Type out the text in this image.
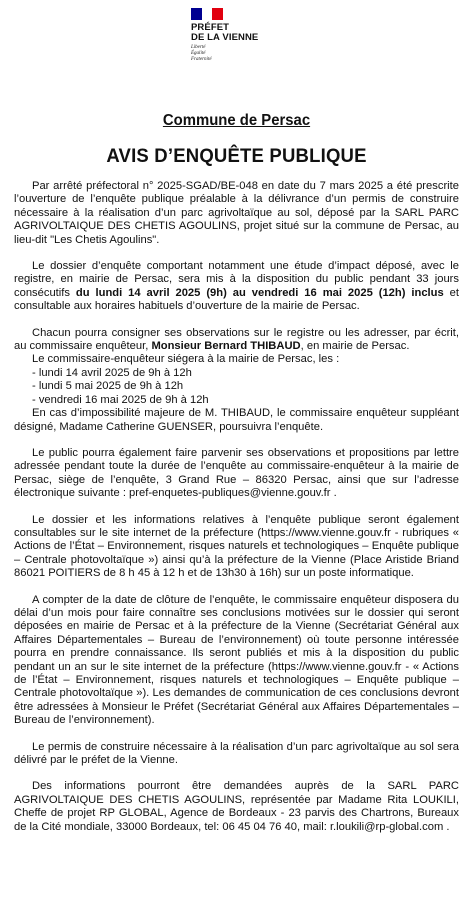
PRÉFET
DE LA VIENNE
Liberté
Égalité
Fraternité
Commune de Persac
AVIS D’ENQUÊTE PUBLIQUE

Par arrêté préfectoral n° 2025-SGAD/BE-048 en date du 7 mars 2025 a été prescrite l’ouverture de l’enquête publique préalable à la délivrance d’un permis de construire nécessaire à la réalisation d’un parc agrivoltaïque au sol, déposé par la SARL PARC AGRIVOLTAIQUE DES CHETIS AGOULINS, projet situé sur la commune de Persac, au lieu-dit "Les Chetis Agoulins".

Le dossier d’enquête comportant notamment une étude d’impact déposé, avec le registre, en mairie de Persac, sera mis à la disposition du public pendant 33 jours consécutifs du lundi 14 avril 2025 (9h) au vendredi 16 mai 2025 (12h) inclus et consultable aux horaires habituels d’ouverture de la mairie de Persac.

Chacun pourra consigner ses observations sur le registre ou les adresser, par écrit, au commissaire enquêteur, Monsieur Bernard THIBAUD, en mairie de Persac.

Le commissaire-enquêteur siégera à la mairie de Persac, les :

- lundi 14 avril 2025 de 9h à 12h
- lundi 5 mai 2025 de 9h à 12h
- vendredi 16 mai 2025 de 9h à 12h

En cas d’impossibilité majeure de M. THIBAUD, le commissaire enquêteur suppléant désigné, Madame Catherine GUENSER, poursuivra l’enquête.

Le public pourra également faire parvenir ses observations et propositions par lettre adressée pendant toute la durée de l’enquête au commissaire-enquêteur à la mairie de Persac, siège de l’enquête, 3 Grand Rue – 86320 Persac, ainsi que sur l’adresse électronique suivante : pref-enquetes-publiques@vienne.gouv.fr .

Le dossier et les informations relatives à l’enquête publique seront également consultables sur le site internet de la préfecture (https://www.vienne.gouv.fr - rubriques « Actions de l’État – Environnement, risques naturels et technologiques – Enquête publique – Centrale photovoltaïque ») ainsi qu’à la préfecture de la Vienne (Place Aristide Briand 86021 POITIERS de 8 h 45 à 12 h et de 13h30 à 16h) sur un poste informatique.

A compter de la date de clôture de l’enquête, le commissaire enquêteur disposera du délai d’un mois pour faire connaître ses conclusions motivées sur le dossier qui seront déposées en mairie de Persac et à la préfecture de la Vienne (Secrétariat Général aux Affaires Départementales – Bureau de l’environnement) où toute personne intéressée pourra en prendre connaissance. Ils seront publiés et mis à la disposition du public pendant un an sur le site internet de la préfecture (https://www.vienne.gouv.fr - « Actions de l’État – Environnement, risques naturels et technologiques – Enquête publique – Centrale photovoltaïque »). Les demandes de communication de ces conclusions devront être adressées à Monsieur le Préfet (Secrétariat Général aux Affaires Départementales – Bureau de l’environnement).

Le permis de construire nécessaire à la réalisation d’un parc agrivoltaïque au sol sera délivré par le préfet de la Vienne.

Des informations pourront être demandées auprès de la SARL PARC AGRIVOLTAIQUE DES CHETIS AGOULINS, représentée par Madame Rita LOUKILI, Cheffe de projet RP GLOBAL, Agence de Bordeaux - 23 parvis des Chartrons, Bureaux de la Cité mondiale, 33000 Bordeaux, tel: 06 45 04 76 40, mail: r.loukili@rp-global.com .
